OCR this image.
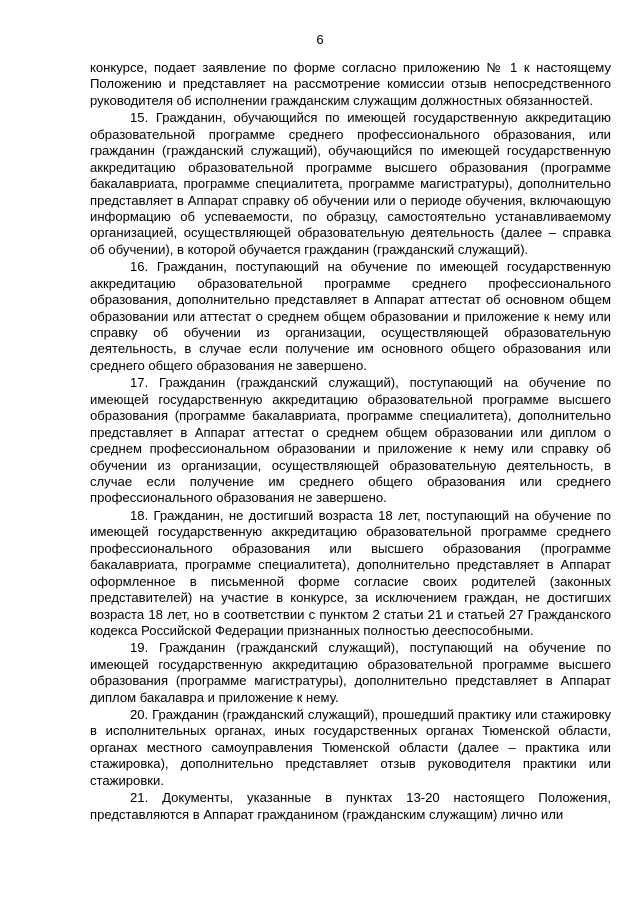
6

конкурсе, подает заявление по форме согласно приложению № 1 к настоящему Положению и представляет на рассмотрение комиссии отзыв непосредственного руководителя об исполнении гражданским служащим должностных обязанностей.

15. Гражданин, обучающийся по имеющей государственную аккредитацию образовательной программе среднего профессионального образования, или гражданин (гражданский служащий), обучающийся по имеющей государственную аккредитацию образовательной программе высшего образования (программе бакалавриата, программе специалитета, программе магистратуры), дополнительно представляет в Аппарат справку об обучении или о периоде обучения, включающую информацию об успеваемости, по образцу, самостоятельно устанавливаемому организацией, осуществляющей образовательную деятельность (далее – справка об обучении), в которой обучается гражданин (гражданский служащий).

16. Гражданин, поступающий на обучение по имеющей государственную аккредитацию образовательной программе среднего профессионального образования, дополнительно представляет в Аппарат аттестат об основном общем образовании или аттестат о среднем общем образовании и приложение к нему или справку об обучении из организации, осуществляющей образовательную деятельность, в случае если получение им основного общего образования или среднего общего образования не завершено.

17. Гражданин (гражданский служащий), поступающий на обучение по имеющей государственную аккредитацию образовательной программе высшего образования (программе бакалавриата, программе специалитета), дополнительно представляет в Аппарат аттестат о среднем общем образовании или диплом о среднем профессиональном образовании и приложение к нему или справку об обучении из организации, осуществляющей образовательную деятельность, в случае если получение им среднего общего образования или среднего профессионального образования не завершено.

18. Гражданин, не достигший возраста 18 лет, поступающий на обучение по имеющей государственную аккредитацию образовательной программе среднего профессионального образования или высшего образования (программе бакалавриата, программе специалитета), дополнительно представляет в Аппарат оформленное в письменной форме согласие своих родителей (законных представителей) на участие в конкурсе, за исключением граждан, не достигших возраста 18 лет, но в соответствии с пунктом 2 статьи 21 и статьей 27 Гражданского кодекса Российской Федерации признанных полностью дееспособными.

19. Гражданин (гражданский служащий), поступающий на обучение по имеющей государственную аккредитацию образовательной программе высшего образования (программе магистратуры), дополнительно представляет в Аппарат диплом бакалавра и приложение к нему.

20. Гражданин (гражданский служащий), прошедший практику или стажировку в исполнительных органах, иных государственных органах Тюменской области, органах местного самоуправления Тюменской области (далее – практика или стажировка), дополнительно представляет отзыв руководителя практики или стажировки.

21. Документы, указанные в пунктах 13-20 настоящего Положения, представляются в Аппарат гражданином (гражданским служащим) лично или
